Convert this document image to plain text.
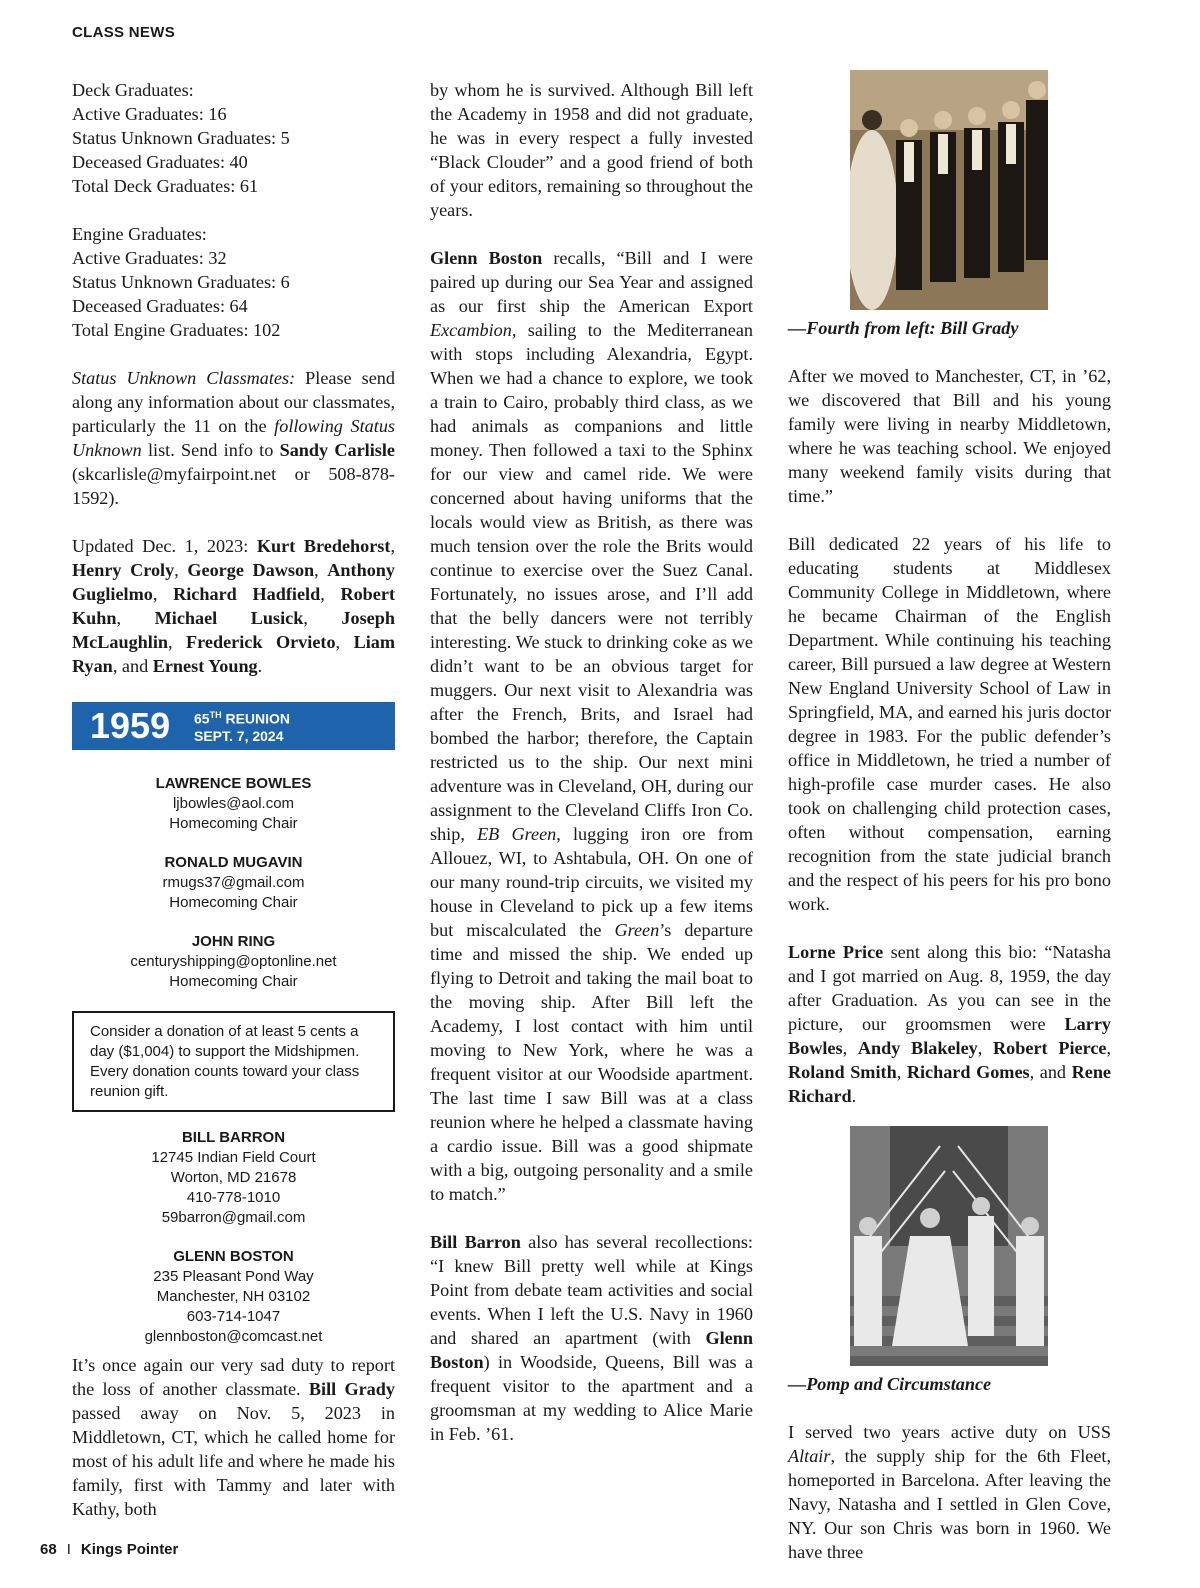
CLASS NEWS

Deck Graduates:
Active Graduates: 16
Status Unknown Graduates: 5
Deceased Graduates: 40
Total Deck Graduates: 61

Engine Graduates:
Active Graduates: 32
Status Unknown Graduates: 6
Deceased Graduates: 64
Total Engine Graduates: 102

Status Unknown Classmates: Please send along any information about our classmates, particularly the 11 on the following Status Unknown list. Send info to Sandy Carlisle (skcarlisle@myfairpoint.net or 508-878-1592).

Updated Dec. 1, 2023: Kurt Bredehorst, Henry Croly, George Dawson, Anthony Guglielmo, Richard Hadfield, Robert Kuhn, Michael Lusick, Joseph McLaughlin, Frederick Orvieto, Liam Ryan, and Ernest Young.

1959	65TH REUNION
SEPT. 7, 2024
LAWRENCE BOWLES
ljbowles@aol.com
Homecoming Chair
RONALD MUGAVIN
rmugs37@gmail.com
Homecoming Chair
JOHN RING
centuryshipping@optonline.net
Homecoming Chair
Consider a donation of at least 5 cents a day ($1,004) to support the Midshipmen. Every donation counts toward your class reunion gift.
BILL BARRON
12745 Indian Field Court
Worton, MD 21678
410-778-1010
59barron@gmail.com
GLENN BOSTON
235 Pleasant Pond Way
Manchester, NH 03102
603-714-1047
glennboston@comcast.net

It’s once again our very sad duty to report the loss of another classmate. Bill Grady passed away on Nov. 5, 2023 in Middletown, CT, which he called home for most of his adult life and where he made his family, first with Tammy and later with Kathy, both

by whom he is survived. Although Bill left the Academy in 1958 and did not graduate, he was in every respect a fully invested “Black Clouder” and a good friend of both of your editors, remaining so throughout the years.

Glenn Boston recalls, “Bill and I were paired up during our Sea Year and assigned as our first ship the American Export Excambion, sailing to the Mediterranean with stops including Alexandria, Egypt. When we had a chance to explore, we took a train to Cairo, probably third class, as we had animals as companions and little money. Then followed a taxi to the Sphinx for our view and camel ride. We were concerned about having uniforms that the locals would view as British, as there was much tension over the role the Brits would continue to exercise over the Suez Canal. Fortunately, no issues arose, and I’ll add that the belly dancers were not terribly interesting. We stuck to drinking coke as we didn’t want to be an obvious target for muggers. Our next visit to Alexandria was after the French, Brits, and Israel had bombed the harbor; therefore, the Captain restricted us to the ship. Our next mini adventure was in Cleveland, OH, during our assignment to the Cleveland Cliffs Iron Co. ship, EB Green, lugging iron ore from Allouez, WI, to Ashtabula, OH. On one of our many round-trip circuits, we visited my house in Cleveland to pick up a few items but miscalculated the Green’s departure time and missed the ship. We ended up flying to Detroit and taking the mail boat to the moving ship. After Bill left the Academy, I lost contact with him until moving to New York, where he was a frequent visitor at our Woodside apartment. The last time I saw Bill was at a class reunion where he helped a classmate having a cardio issue. Bill was a good shipmate with a big, outgoing personality and a smile to match.”

Bill Barron also has several recollections: “I knew Bill pretty well while at Kings Point from debate team activities and social events. When I left the U.S. Navy in 1960 and shared an apartment (with Glenn Boston) in Woodside, Queens, Bill was a frequent visitor to the apartment and a groomsman at my wedding to Alice Marie in Feb. ’61.

—Fourth from left: Bill Grady

After we moved to Manchester, CT, in ’62, we discovered that Bill and his young family were living in nearby Middletown, where he was teaching school. We enjoyed many weekend family visits during that time.”

Bill dedicated 22 years of his life to educating students at Middlesex Community College in Middletown, where he became Chairman of the English Department. While continuing his teaching career, Bill pursued a law degree at Western New England University School of Law in Springfield, MA, and earned his juris doctor degree in 1983. For the public defender’s office in Middletown, he tried a number of high-profile case murder cases. He also took on challenging child protection cases, often without compensation, earning recognition from the state judicial branch and the respect of his peers for his pro bono work.

Lorne Price sent along this bio: “Natasha and I got married on Aug. 8, 1959, the day after Graduation. As you can see in the picture, our groomsmen were Larry Bowles, Andy Blakeley, Robert Pierce, Roland Smith, Richard Gomes, and Rene Richard.

—Pomp and Circumstance

I served two years active duty on USS Altair, the supply ship for the 6th Fleet, homeported in Barcelona. After leaving the Navy, Natasha and I settled in Glen Cove, NY. Our son Chris was born in 1960. We have three

68 I Kings Pointer
